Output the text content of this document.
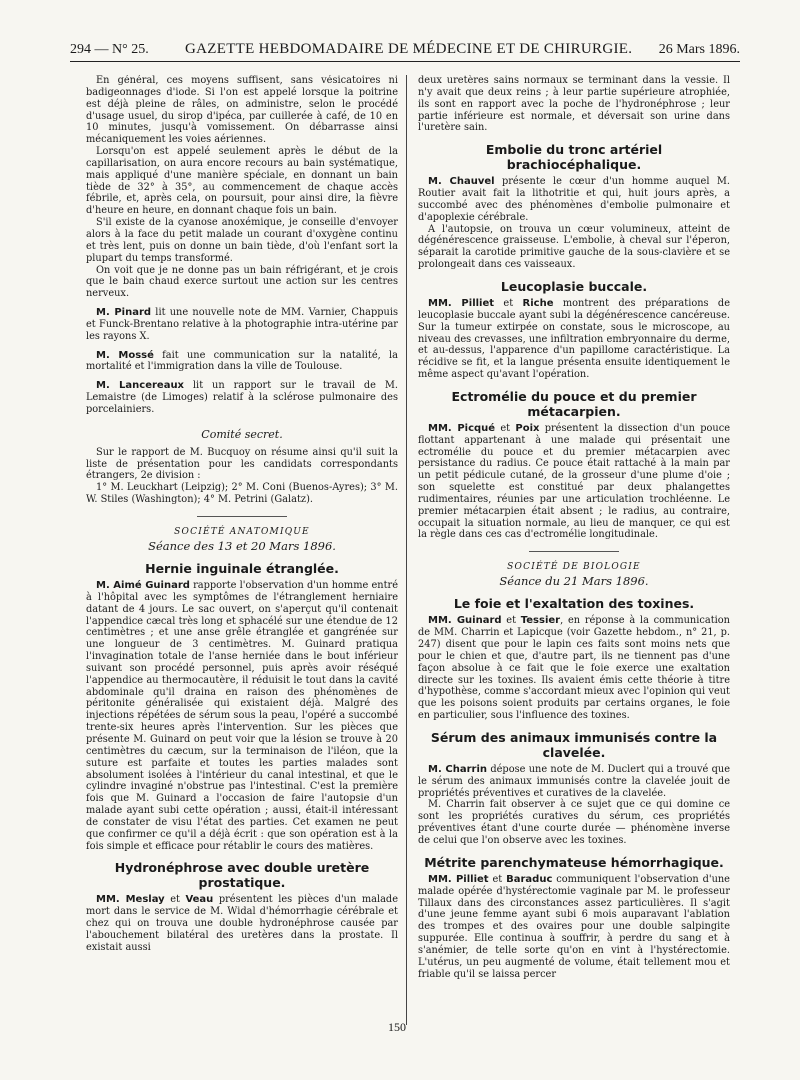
294 — N° 25. GAZETTE HEBDOMADAIRE DE MÉDECINE ET DE CHIRURGIE. 26 Mars 1896.

En général, ces moyens suffisent, sans vésicatoires ni badigeonnages d'iode. Si l'on est appelé lorsque la poitrine est déjà pleine de râles, on administre, selon le procédé d'usage usuel, du sirop d'ipéca, par cuillerée à café, de 10 en 10 minutes, jusqu'à vomissement. On débarrasse ainsi mécaniquement les voies aériennes.

Lorsqu'on est appelé seulement après le début de la capillarisation, on aura encore recours au bain systématique, mais appliqué d'une manière spéciale, en donnant un bain tiède de 32° à 35°, au commencement de chaque accès fébrile, et, après cela, on poursuit, pour ainsi dire, la fièvre d'heure en heure, en donnant chaque fois un bain.

S'il existe de la cyanose anoxémique, je conseille d'envoyer alors à la face du petit malade un courant d'oxygène continu et très lent, puis on donne un bain tiède, d'où l'enfant sort la plupart du temps transformé.

On voit que je ne donne pas un bain réfrigérant, et je crois que le bain chaud exerce surtout une action sur les centres nerveux.

M. Pinard lit une nouvelle note de MM. Varnier, Chappuis et Funck-Brentano relative à la photographie intra-utérine par les rayons X.

M. Mossé fait une communication sur la natalité, la mortalité et l'immigration dans la ville de Toulouse.

M. Lancereaux lit un rapport sur le travail de M. Lemaistre (de Limoges) relatif à la sclérose pulmonaire des porcelainiers.

Comité secret.

Sur le rapport de M. Bucquoy on résume ainsi qu'il suit la liste de présentation pour les candidats correspondants étrangers, 2e division :

1° M. Leuckhart (Leipzig); 2° M. Coni (Buenos-Ayres); 3° M. W. Stiles (Washington); 4° M. Petrini (Galatz).

SOCIÉTÉ ANATOMIQUE
Séance des 13 et 20 Mars 1896.
Hernie inguinale étranglée.

M. Aimé Guinard rapporte l'observation d'un homme entré à l'hôpital avec les symptômes de l'étranglement herniaire datant de 4 jours. Le sac ouvert, on s'aperçut qu'il contenait l'appendice cæcal très long et sphacélé sur une étendue de 12 centimètres ; et une anse grêle étranglée et gangrénée sur une longueur de 3 centimètres. M. Guinard pratiqua l'invagination totale de l'anse herniée dans le bout inférieur suivant son procédé personnel, puis après avoir réséqué l'appendice au thermocautère, il réduisit le tout dans la cavité abdominale qu'il draina en raison des phénomènes de péritonite généralisée qui existaient déjà. Malgré des injections répétées de sérum sous la peau, l'opéré a succombé trente-six heures après l'intervention. Sur les pièces que présente M. Guinard on peut voir que la lésion se trouve à 20 centimètres du cæcum, sur la terminaison de l'iléon, que la suture est parfaite et toutes les parties malades sont absolument isolées à l'intérieur du canal intestinal, et que le cylindre invaginé n'obstrue pas l'intestinal. C'est la première fois que M. Guinard a l'occasion de faire l'autopsie d'un malade ayant subi cette opération ; aussi, était-il intéressant de constater de visu l'état des parties. Cet examen ne peut que confirmer ce qu'il a déjà écrit : que son opération est à la fois simple et efficace pour rétablir le cours des matières.

Hydronéphrose avec double uretère prostatique.

MM. Meslay et Veau présentent les pièces d'un malade mort dans le service de M. Widal d'hémorrhagie cérébrale et chez qui on trouva une double hydronéphrose causée par l'abouchement bilatéral des uretères dans la prostate. Il existait aussi

deux uretères sains normaux se terminant dans la vessie. Il n'y avait que deux reins ; à leur partie supérieure atrophiée, ils sont en rapport avec la poche de l'hydronéphrose ; leur partie inférieure est normale, et déversait son urine dans l'uretère sain.

Embolie du tronc artériel brachiocéphalique.

M. Chauvel présente le cœur d'un homme auquel M. Routier avait fait la lithotritie et qui, huit jours après, a succombé avec des phénomènes d'embolie pulmonaire et d'apoplexie cérébrale.

A l'autopsie, on trouva un cœur volumineux, atteint de dégénérescence graisseuse. L'embolie, à cheval sur l'éperon, séparait la carotide primitive gauche de la sous-clavière et se prolongeait dans ces vaisseaux.

Leucoplasie buccale.

MM. Pilliet et Riche montrent des préparations de leucoplasie buccale ayant subi la dégénérescence cancéreuse. Sur la tumeur extirpée on constate, sous le microscope, au niveau des crevasses, une infiltration embryonnaire du derme, et au-dessus, l'apparence d'un papillome caractéristique. La récidive se fit, et la langue présenta ensuite identiquement le même aspect qu'avant l'opération.

Ectromélie du pouce et du premier métacarpien.

MM. Picqué et Poix présentent la dissection d'un pouce flottant appartenant à une malade qui présentait une ectromélie du pouce et du premier métacarpien avec persistance du radius. Ce pouce était rattaché à la main par un petit pédicule cutané, de la grosseur d'une plume d'oie ; son squelette est constitué par deux phalangettes rudimentaires, réunies par une articulation trochléenne. Le premier métacarpien était absent ; le radius, au contraire, occupait la situation normale, au lieu de manquer, ce qui est la règle dans ces cas d'ectromélie longitudinale.

SOCIÉTÉ DE BIOLOGIE
Séance du 21 Mars 1896.
Le foie et l'exaltation des toxines.

MM. Guinard et Tessier, en réponse à la communication de MM. Charrin et Lapicque (voir Gazette hebdom., n° 21, p. 247) disent que pour le lapin ces faits sont moins nets que pour le chien et que, d'autre part, ils ne tiennent pas d'une façon absolue à ce fait que le foie exerce une exaltation directe sur les toxines. Ils avaient émis cette théorie à titre d'hypothèse, comme s'accordant mieux avec l'opinion qui veut que les poisons soient produits par certains organes, le foie en particulier, sous l'influence des toxines.

Sérum des animaux immunisés contre la clavelée.

M. Charrin dépose une note de M. Duclert qui a trouvé que le sérum des animaux immunisés contre la clavelée jouit de propriétés préventives et curatives de la clavelée.

M. Charrin fait observer à ce sujet que ce qui domine ce sont les propriétés curatives du sérum, ces propriétés préventives étant d'une courte durée — phénomène inverse de celui que l'on observe avec les toxines.

Métrite parenchymateuse hémorrhagique.

MM. Pilliet et Baraduc communiquent l'observation d'une malade opérée d'hystérectomie vaginale par M. le professeur Tillaux dans des circonstances assez particulières. Il s'agit d'une jeune femme ayant subi 6 mois auparavant l'ablation des trompes et des ovaires pour une double salpingite suppurée. Elle continua à souffrir, à perdre du sang et à s'anémier, de telle sorte qu'on en vint à l'hystérectomie. L'utérus, un peu augmenté de volume, était tellement mou et friable qu'il se laissa percer

150
